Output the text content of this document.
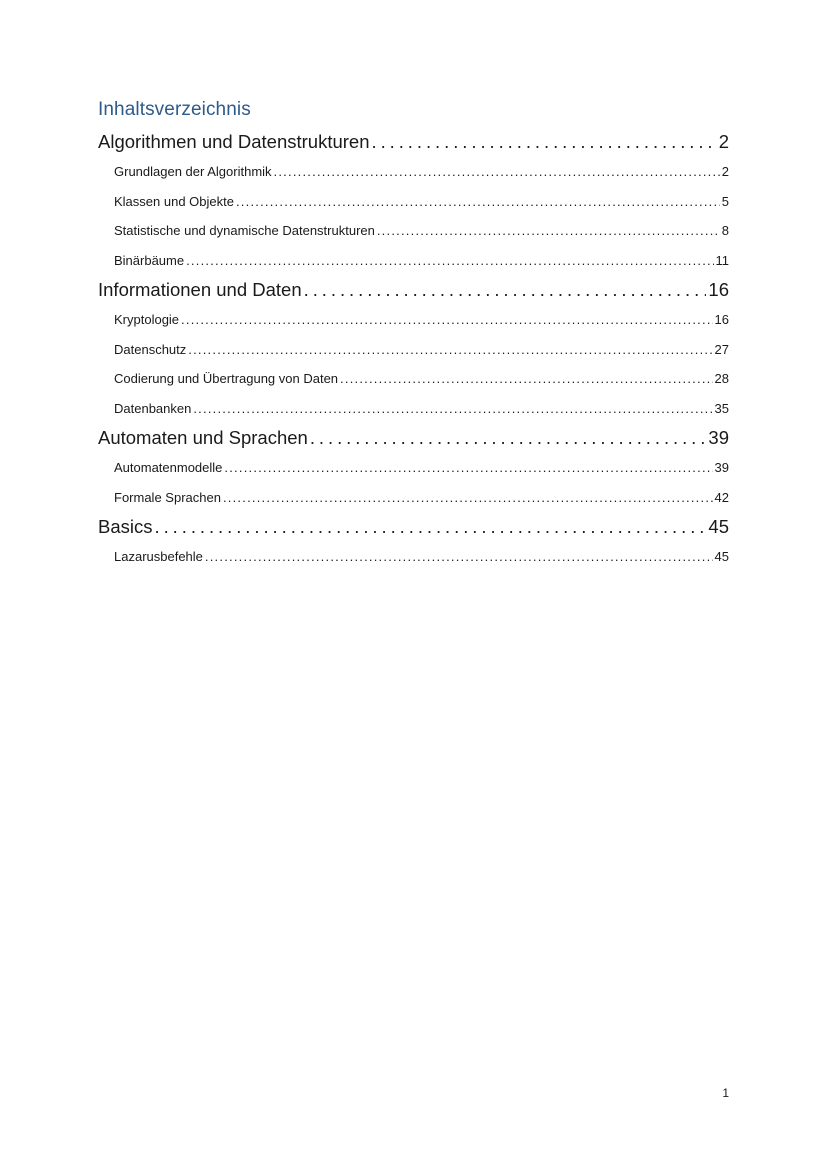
Inhaltsverzeichnis
Algorithmen und Datenstrukturen . . .	2
Grundlagen der Algorithmik . . .	2
Klassen und Objekte . . .	5
Statistische und dynamische Datenstrukturen . . .	8
Binärbäume . . .	11
Informationen und Daten . . .	16
Kryptologie . . .	16
Datenschutz . . .	27
Codierung und Übertragung von Daten . . .	28
Datenbanken . . .	35
Automaten und Sprachen . . .	39
Automatenmodelle . . .	39
Formale Sprachen . . .	42
Basics . . .	45
Lazarusbefehle . . .	45
1
